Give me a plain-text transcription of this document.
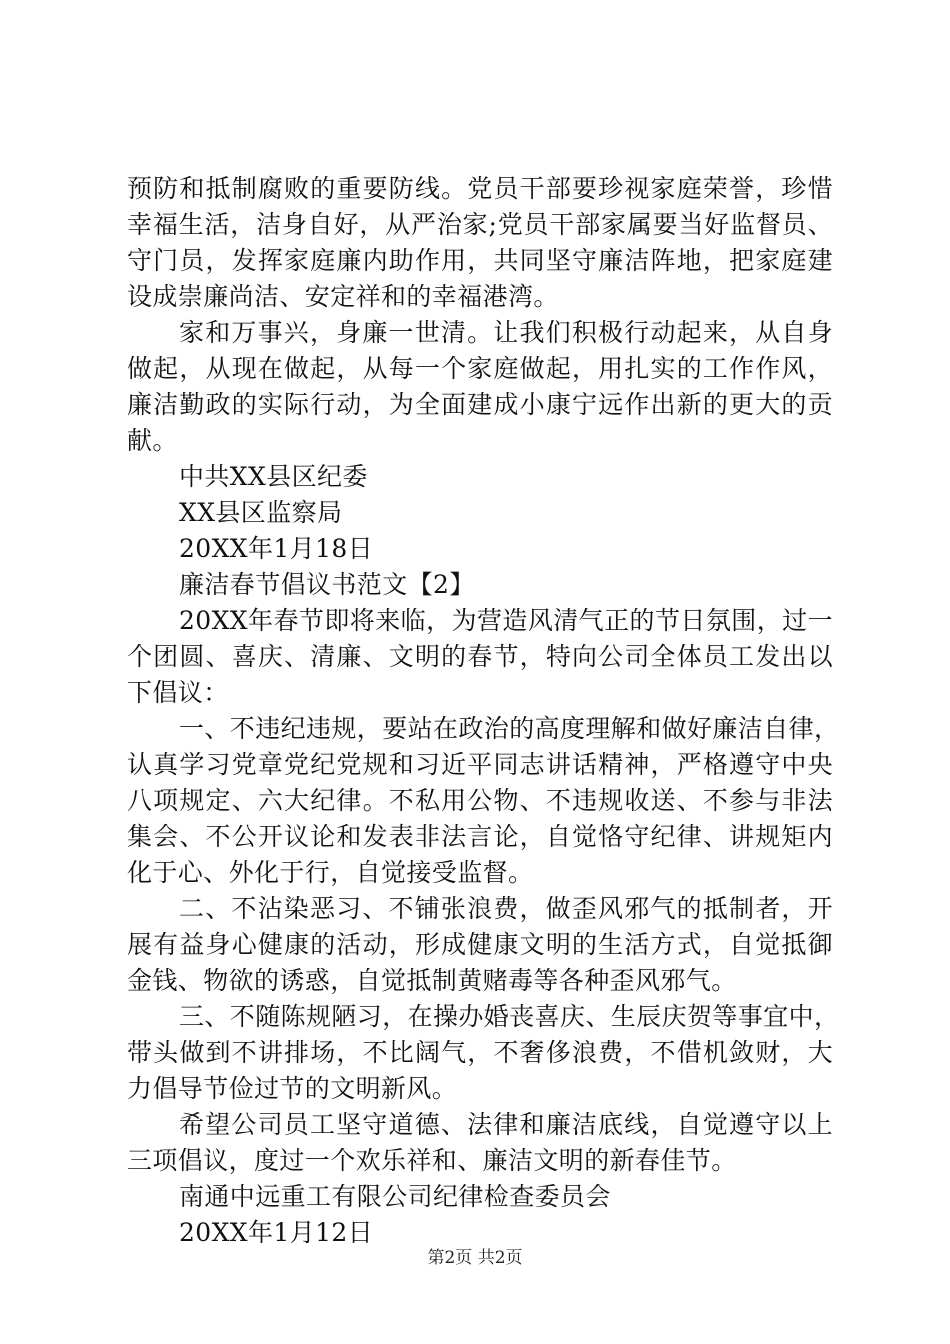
预防和抵制腐败的重要防线。党员干部要珍视家庭荣誉，珍惜
幸福生活，洁身自好，从严治家;党员干部家属要当好监督员、
守门员，发挥家庭廉内助作用，共同坚守廉洁阵地，把家庭建
设成崇廉尚洁、安定祥和的幸福港湾。
家和万事兴，身廉一世清。让我们积极行动起来，从自身
做起，从现在做起，从每一个家庭做起，用扎实的工作作风，
廉洁勤政的实际行动，为全面建成小康宁远作出新的更大的贡
献。
中共XX县区纪委
XX县区监察局
20XX年1月18日
廉洁春节倡议书范文【2】
20XX年春节即将来临，为营造风清气正的节日氛围，过一
个团圆、喜庆、清廉、文明的春节，特向公司全体员工发出以
下倡议：
一、不违纪违规，要站在政治的高度理解和做好廉洁自律，
认真学习党章党纪党规和习近平同志讲话精神，严格遵守中央
八项规定、六大纪律。不私用公物、不违规收送、不参与非法
集会、不公开议论和发表非法言论，自觉恪守纪律、讲规矩内
化于心、外化于行，自觉接受监督。
二、不沾染恶习、不铺张浪费，做歪风邪气的抵制者，开
展有益身心健康的活动，形成健康文明的生活方式，自觉抵御
金钱、物欲的诱惑，自觉抵制黄赌毒等各种歪风邪气。
三、不随陈规陋习，在操办婚丧喜庆、生辰庆贺等事宜中，
带头做到不讲排场，不比阔气，不奢侈浪费，不借机敛财，大
力倡导节俭过节的文明新风。
希望公司员工坚守道德、法律和廉洁底线，自觉遵守以上
三项倡议，度过一个欢乐祥和、廉洁文明的新春佳节。
南通中远重工有限公司纪律检查委员会
20XX年1月12日
第2页 共2页
